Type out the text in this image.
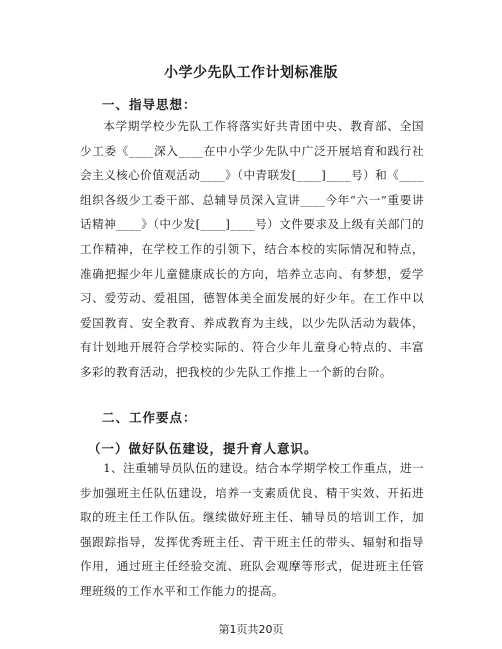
小学少先队工作计划标准版
一、指导思想：
本学期学校少先队工作将落实好共青团中央、教育部、全国少工委《____深入____在中小学少先队中广泛开展培育和践行社会主义核心价值观活动____》（中青联发[____]____号）和《____组织各级少工委干部、总辅导员深入宣讲____今年“六一”重要讲话精神____》（中少发[____]____号）文件要求及上级有关部门的工作精神，在学校工作的引领下，结合本校的实际情况和特点，准确把握少年儿童健康成长的方向，培养立志向、有梦想，爱学习、爱劳动、爱祖国，德智体美全面发展的好少年。在工作中以爱国教育、安全教育、养成教育为主线，以少先队活动为载体，有计划地开展符合学校实际的、符合少年儿童身心特点的、丰富多彩的教育活动，把我校的少先队工作推上一个新的台阶。
二、工作要点：
（一）做好队伍建设，提升育人意识。
1、注重辅导员队伍的建设。结合本学期学校工作重点，进一步加强班主任队伍建设，培养一支素质优良、精干实效、开拓进取的班主任工作队伍。继续做好班主任、辅导员的培训工作，加强跟踪指导，发挥优秀班主任、青干班主任的带头、辐射和指导作用，通过班主任经验交流、班队会观摩等形式，促进班主任管理班级的工作水平和工作能力的提高。
第1页共20页
